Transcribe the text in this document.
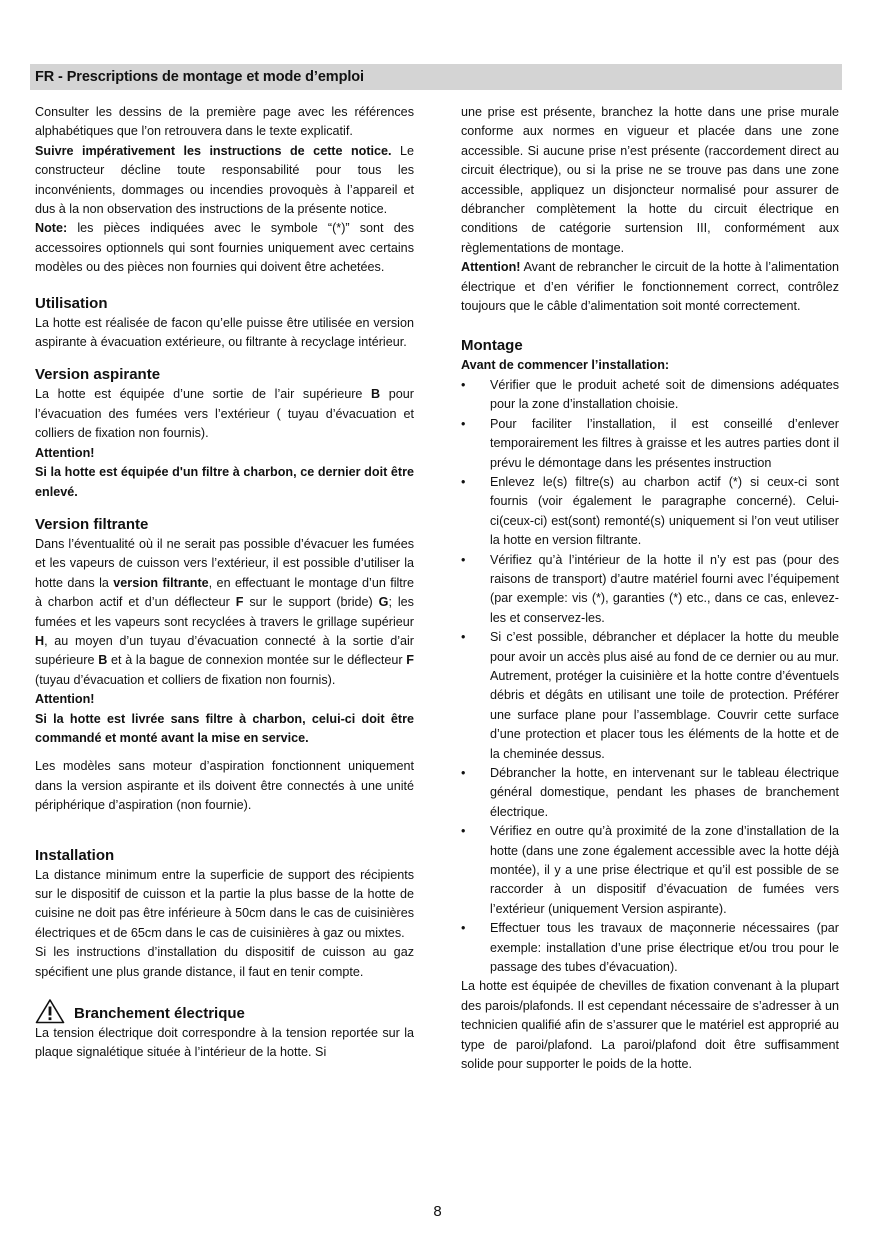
FR - Prescriptions de montage et mode d’emploi

Consulter les dessins de la première page avec les références alphabétiques que l’on retrouvera dans le texte explicatif.

Suivre impérativement les instructions de cette notice. Le constructeur décline toute responsabilité pour tous les inconvénients, dommages ou incendies provoquès à l’appareil et dus à la non observation des instructions de la présente notice.

Note: les pièces indiquées avec le symbole “(*)” sont des accessoires optionnels qui sont fournies uniquement avec certains modèles ou des pièces non fournies qui doivent être achetées.

Utilisation

La hotte est réalisée de facon qu’elle puisse être utilisée en version aspirante à évacuation extérieure, ou filtrante à recyclage intérieur.

Version aspirante

La hotte est équipée d’une sortie de l’air supérieure B pour l’évacuation des fumées vers l’extérieur ( tuyau d’évacuation et colliers de fixation non fournis).

Attention!

Si la hotte est équipée d'un filtre à charbon, ce dernier doit être enlevé.

Version filtrante

Dans l’éventualité où il ne serait pas possible d’évacuer les fumées et les vapeurs de cuisson vers l’extérieur, il est possible d’utiliser la hotte dans la version filtrante, en effectuant le montage d’un filtre à charbon actif et d’un déflecteur F sur le support (bride) G; les fumées et les vapeurs sont recyclées à travers le grillage supérieur H, au moyen d’un tuyau d’évacuation connecté à la sortie d’air supérieure B et à la bague de connexion montée sur le déflecteur F (tuyau d’évacuation et colliers de fixation non fournis).

Attention!

Si la hotte est livrée sans filtre à charbon, celui-ci doit être commandé et monté avant la mise en service.

Les modèles sans moteur d’aspiration fonctionnent uniquement dans la version aspirante et ils doivent être connectés à une unité périphérique d’aspiration (non fournie).

Installation

La distance minimum entre la superficie de support des récipients sur le dispositif de cuisson et la partie la plus basse de la hotte de cuisine ne doit pas être inférieure à 50cm dans le cas de cuisinières électriques et de 65cm dans le cas de cuisinières à gaz ou mixtes.

Si les instructions d’installation du dispositif de cuisson au gaz spécifient une plus grande distance, il faut en tenir compte.

Branchement électrique

La tension électrique doit correspondre à la tension reportée sur la plaque signalétique située à l’intérieur de la hotte. Si

une prise est présente, branchez la hotte dans une prise murale conforme aux normes en vigueur et placée dans une zone accessible. Si aucune prise n’est présente (raccordement direct au circuit électrique), ou si la prise ne se trouve pas dans une zone accessible, appliquez un disjoncteur normalisé pour assurer de débrancher complètement la hotte du circuit électrique en conditions de catégorie surtension III, conformément aux règlementations de montage.

Attention! Avant de rebrancher le circuit de la hotte à l’alimentation électrique et d’en vérifier le fonctionnement correct, contrôlez toujours que le câble d’alimentation soit monté correctement.

Montage

Avant de commencer l’installation:

• Vérifier que le produit acheté soit de dimensions adéquates pour la zone d’installation choisie.
• Pour faciliter l’installation, il est conseillé d’enlever temporairement les filtres à graisse et les autres parties dont il prévu le démontage dans les présentes instruction
• Enlevez le(s) filtre(s) au charbon actif (*) si ceux-ci sont fournis (voir également le paragraphe concerné). Celui-ci(ceux-ci) est(sont) remonté(s) uniquement si l’on veut utiliser la hotte en version filtrante.
• Vérifiez qu’à l’intérieur de la hotte il n’y est pas (pour des raisons de transport) d’autre matériel fourni avec l’équipement (par exemple: vis (*), garanties (*) etc., dans ce cas, enlevez-les et conservez-les.
• Si c’est possible, débrancher et déplacer la hotte du meuble pour avoir un accès plus aisé au fond de ce dernier ou au mur. Autrement, protéger la cuisinière et la hotte contre d’éventuels débris et dégâts en utilisant une toile de protection. Préférer une surface plane pour l’assemblage. Couvrir cette surface d’une protection et placer tous les éléments de la hotte et de la cheminée dessus.
• Débrancher la hotte, en intervenant sur le tableau électrique général domestique, pendant les phases de branchement électrique.
• Vérifiez en outre qu’à proximité de la zone d’installation de la hotte (dans une zone également accessible avec la hotte déjà montée), il y a une prise électrique et qu’il est possible de se raccorder à un dispositif d’évacuation de fumées vers l’extérieur (uniquement Version aspirante).
• Effectuer tous les travaux de maçonnerie nécessaires (par exemple: installation d’une prise électrique et/ou trou pour le passage des tubes d’évacuation).

La hotte est équipée de chevilles de fixation convenant à la plupart des parois/plafonds. Il est cependant nécessaire de s’adresser à un technicien qualifié afin de s’assurer que le matériel est approprié au type de paroi/plafond. La paroi/plafond doit être suffisamment solide pour supporter le poids de la hotte.

8
